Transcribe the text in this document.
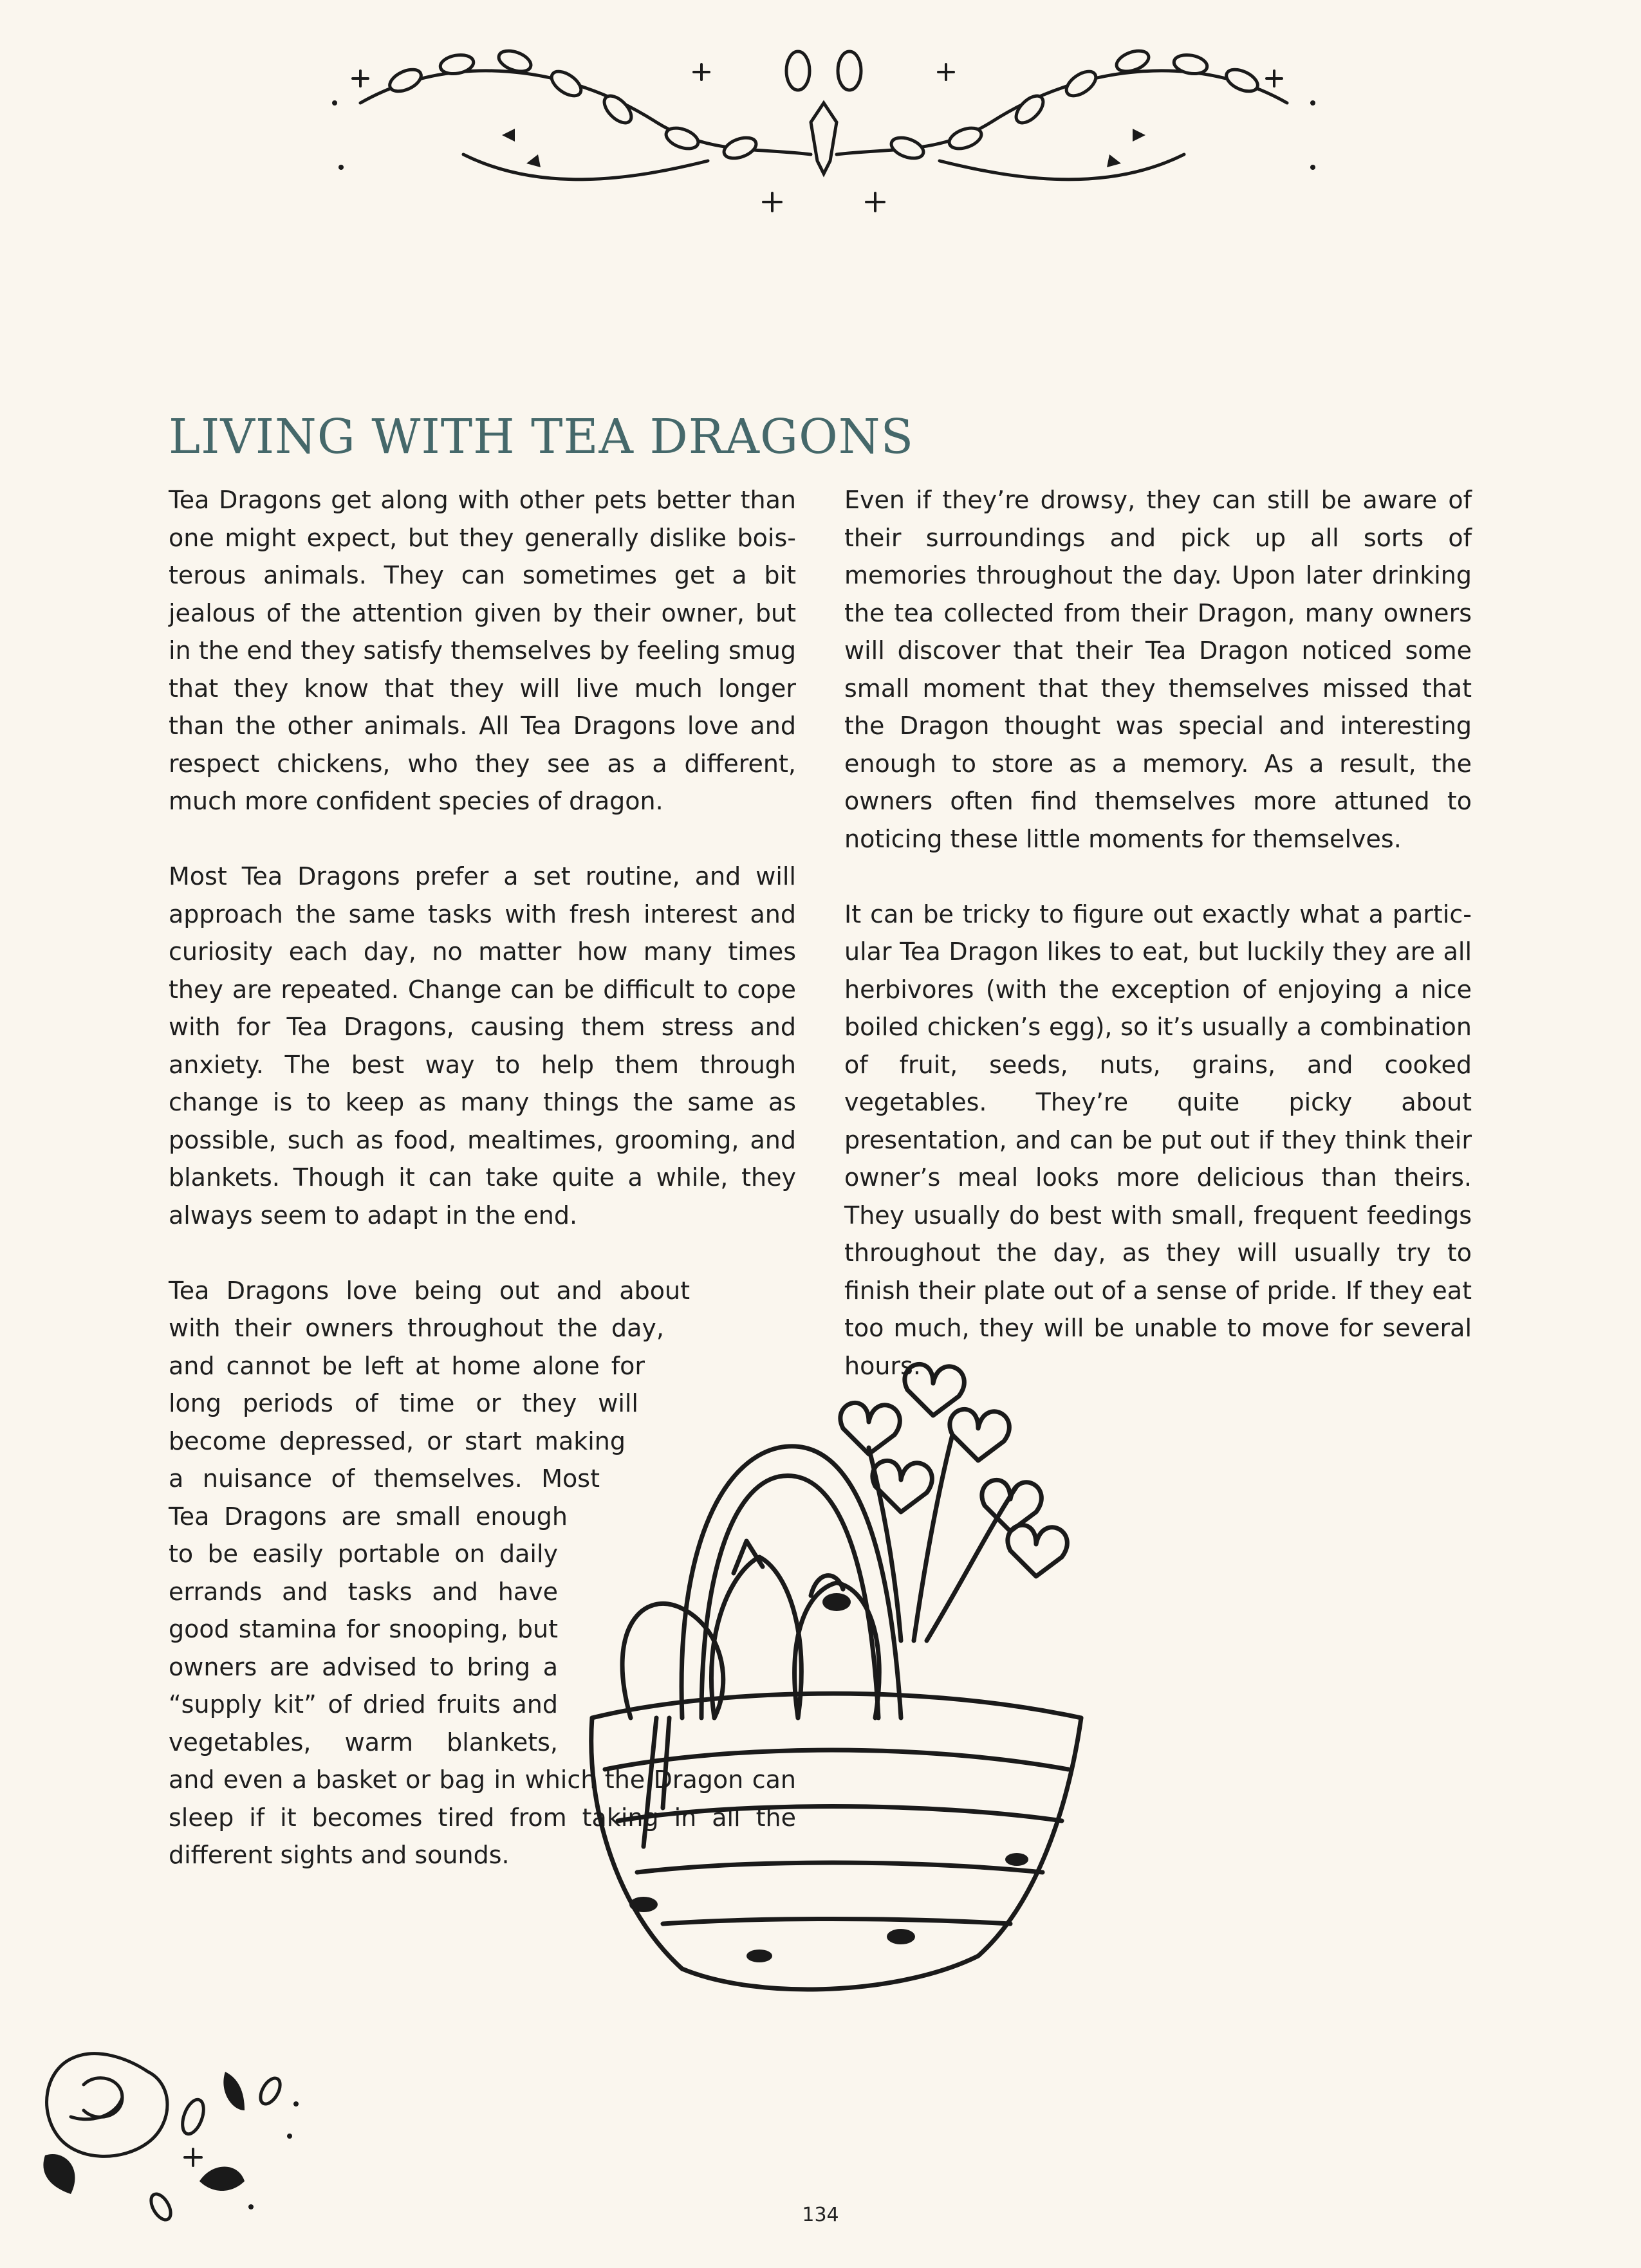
LIVING WITH TEA DRAGONS

Tea Dragons get along with other pets better than one might expect, but they generally dislike boisterous animals. They can sometimes get a bit jealous of the attention given by their owner, but in the end they satisfy themselves by feeling smug that they know that they will live much longer than the other animals. All Tea Dragons love and respect chickens, who they see as a different, much more confident species of dragon.

Most Tea Dragons prefer a set routine, and will approach the same tasks with fresh interest and curiosity each day, no matter how many times they are repeated. Change can be difficult to cope with for Tea Dragons, causing them stress and anxiety. The best way to help them through change is to keep as many things the same as possible, such as food, mealtimes, grooming, and blankets. Though it can take quite a while, they always seem to adapt in the end.

Tea Dragons love being out and about with their owners throughout the day, and cannot be left at home alone for long periods of time or they will become depressed, or start making a nuisance of themselves. Most Tea Dragons are small enough to be easily portable on daily errands and tasks and have good stamina for snooping, but owners are advised to bring a “supply kit” of dried fruits and vegetables, warm blankets, and even a basket or bag in which the Dragon can sleep if it becomes tired from taking in all the different sights and sounds.

Even if they’re drowsy, they can still be aware of their surroundings and pick up all sorts of memories throughout the day. Upon later drinking the tea collected from their Dragon, many owners will discover that their Tea Dragon noticed some small moment that they themselves missed that the Dragon thought was special and interesting enough to store as a memory. As a result, the owners often find themselves more attuned to noticing these little moments for themselves.

It can be tricky to figure out exactly what a particular Tea Dragon likes to eat, but luckily they are all herbivores (with the exception of enjoying a nice boiled chicken’s egg), so it’s usually a combination of fruit, seeds, nuts, grains, and cooked vegetables. They’re quite picky about presentation, and can be put out if they think their owner’s meal looks more delicious than theirs. They usually do best with small, frequent feedings throughout the day, as they will usually try to finish their plate out of a sense of pride. If they eat too much, they will be unable to move for several hours.

134
